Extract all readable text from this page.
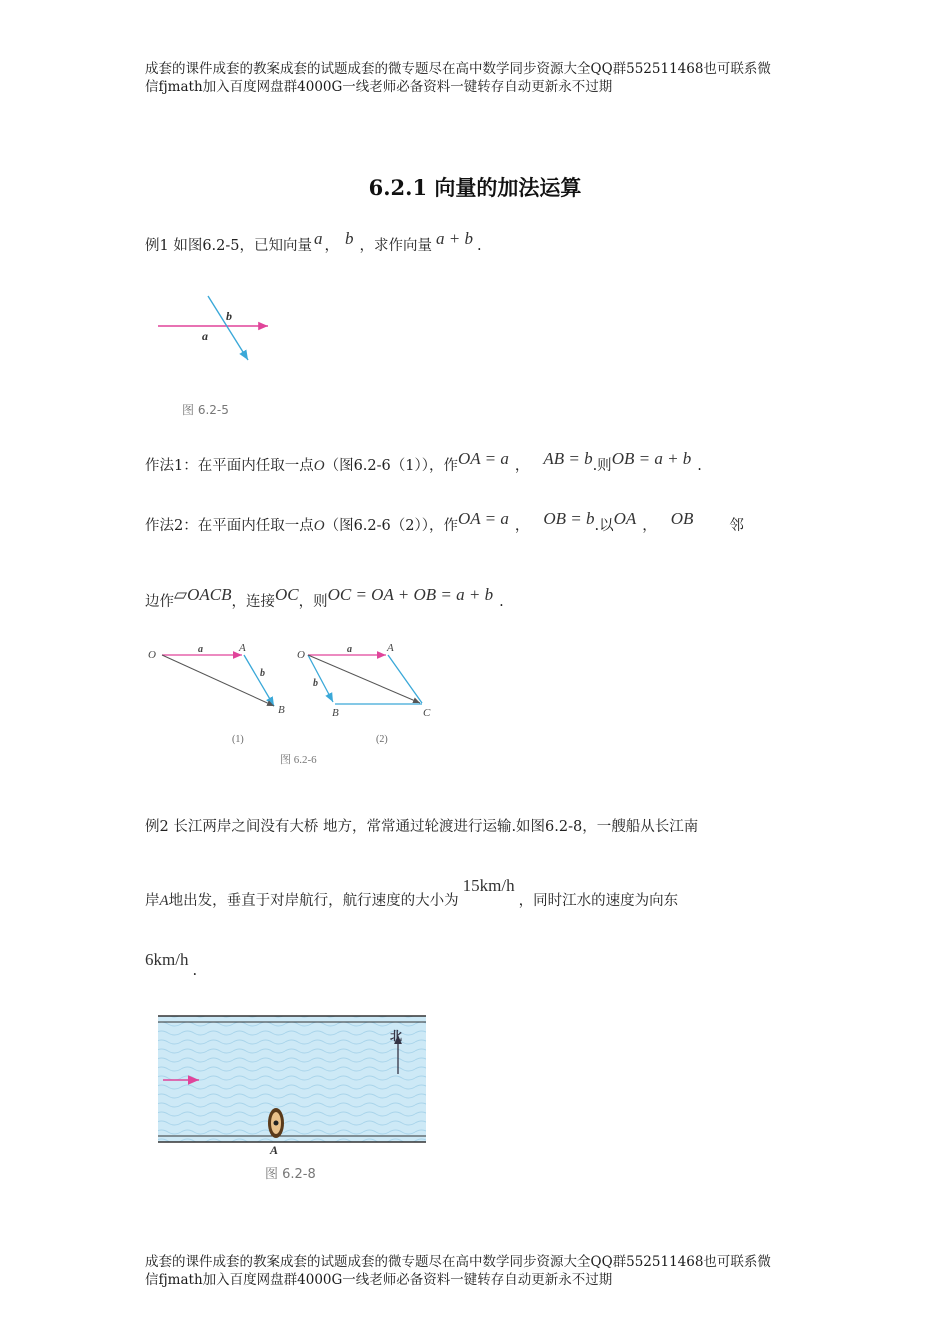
成套的课件成套的教案成套的试题成套的微专题尽在高中数学同步资源大全QQ群552511468也可联系微
信fjmath加入百度网盘群4000G一线老师必备资料一键转存自动更新永不过期
6.2.1 向量的加法运算
例1 如图6.2-5，已知向量 a ， b ，求作向量 a + b .
a
b
图 6.2-5
作法1：在平面内任取一点O（图6.2-6（1）），作OA = a ， AB = b.则OB = a + b .
作法2：在平面内任取一点O（图6.2-6（2）），作OA = a ， OB = b.以OA ， OB 邻
边作▱OACB，连接OC，则OC = OA + OB = a + b .
O
A
B
a
b
(1)
O
A
B	C
a
b
(2)
图 6.2-6
例2 长江两岸之间没有大桥 地方，常常通过轮渡进行运输.如图6.2-8，一艘船从长江南
岸A地出发，垂直于对岸航行，航行速度的大小为15km/h，同时江水的速度为向东
6km/h.
北
A
图 6.2-8
成套的课件成套的教案成套的试题成套的微专题尽在高中数学同步资源大全QQ群552511468也可联系微
信fjmath加入百度网盘群4000G一线老师必备资料一键转存自动更新永不过期
